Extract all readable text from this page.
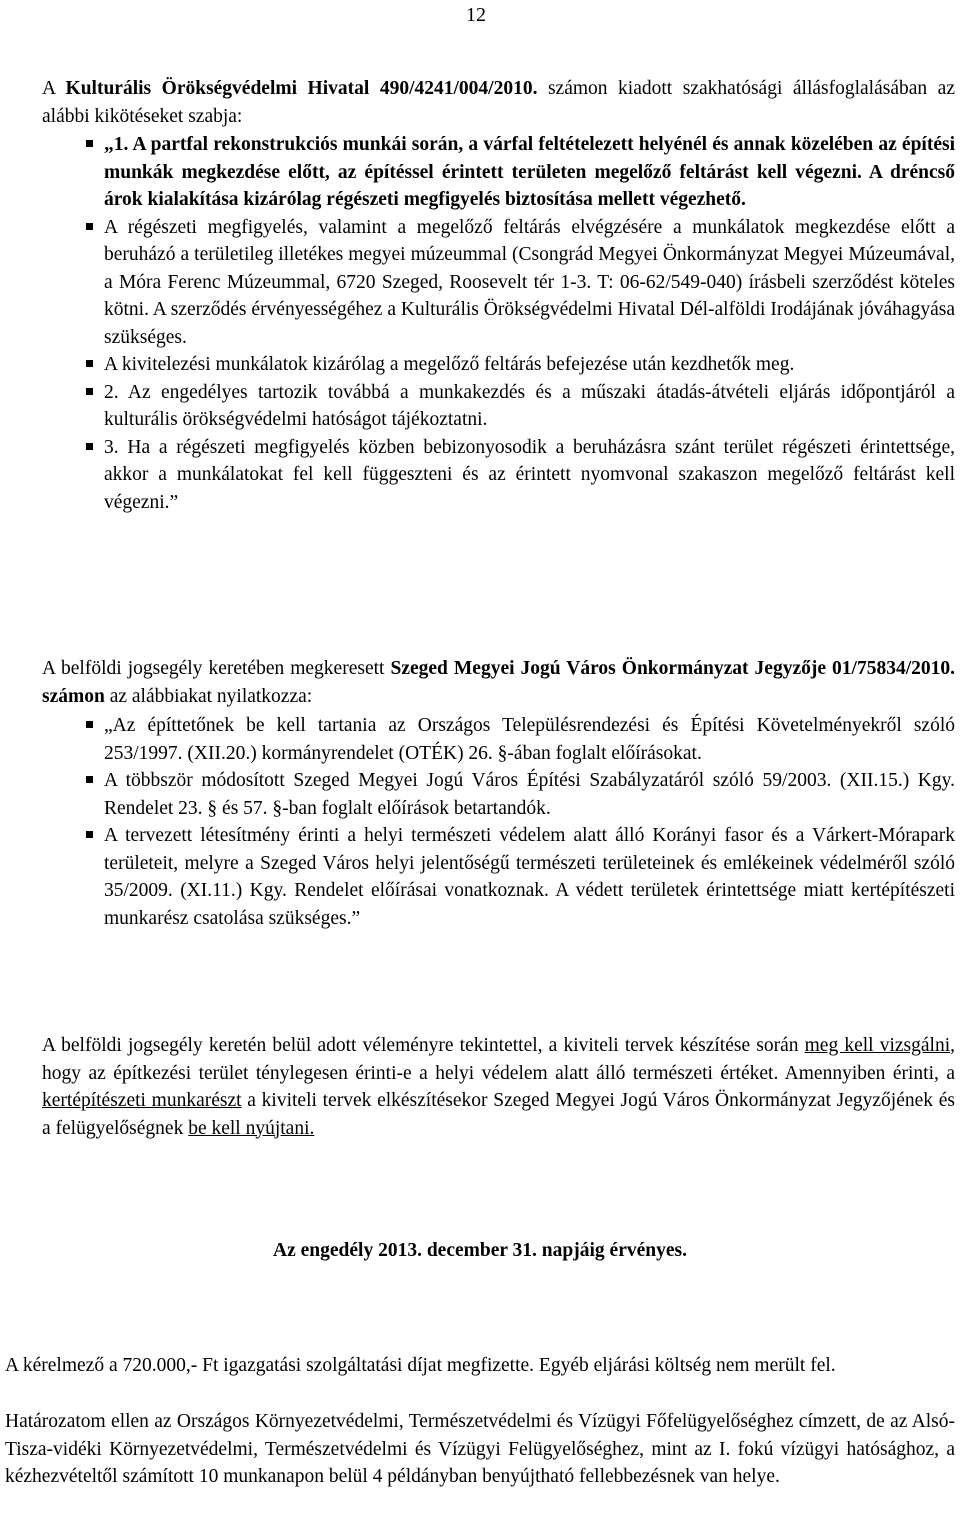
12
A Kulturális Örökségvédelmi Hivatal 490/4241/004/2010. számon kiadott szakhatósági állásfoglalásában az alábbi kikötéseket szabja:
„1. A partfal rekonstrukciós munkái során, a várfal feltételezett helyénél és annak közelében az építési munkák megkezdése előtt, az építéssel érintett területen megelőző feltárást kell végezni. A dréncső árok kialakítása kizárólag régészeti megfigyelés biztosítása mellett végezhető.
A régészeti megfigyelés, valamint a megelőző feltárás elvégzésére a munkálatok megkezdése előtt a beruházó a területileg illetékes megyei múzeummal (Csongrád Megyei Önkormányzat Megyei Múzeumával, a Móra Ferenc Múzeummal, 6720 Szeged, Roosevelt tér 1-3. T: 06-62/549-040) írásbeli szerződést köteles kötni. A szerződés érvényességéhez a Kulturális Örökségvédelmi Hivatal Dél-alföldi Irodájának jóváhagyása szükséges.
A kivitelezési munkálatok kizárólag a megelőző feltárás befejezése után kezdhetők meg.
2. Az engedélyes tartozik továbbá a munkakezdés és a műszaki átadás-átvételi eljárás időpontjáról a kulturális örökségvédelmi hatóságot tájékoztatni.
3. Ha a régészeti megfigyelés közben bebizonyosodik a beruházásra szánt terület régészeti érintettsége, akkor a munkálatokat fel kell függeszteni és az érintett nyomvonal szakaszon megelőző feltárást kell végezni.”
A belföldi jogsegély keretében megkeresett Szeged Megyei Jogú Város Önkormányzat Jegyzője 01/75834/2010. számon az alábbiakat nyilatkozza:
„Az építtetőnek be kell tartania az Országos Településrendezési és Építési Követelményekről szóló 253/1997. (XII.20.) kormányrendelet (OTÉK) 26. §-ában foglalt előírásokat.
A többször módosított Szeged Megyei Jogú Város Építési Szabályzatáról szóló 59/2003. (XII.15.) Kgy. Rendelet 23. § és 57. §-ban foglalt előírások betartandók.
A tervezett létesítmény érinti a helyi természeti védelem alatt álló Korányi fasor és a Várkert-Mórapark területeit, melyre a Szeged Város helyi jelentőségű természeti területeinek és emlékeinek védelméről szóló 35/2009. (XI.11.) Kgy. Rendelet előírásai vonatkoznak. A védett területek érintettsége miatt kertépítészeti munkarész csatolása szükséges.”
A belföldi jogsegély keretén belül adott véleményre tekintettel, a kiviteli tervek készítése során meg kell vizsgálni, hogy az építkezési terület ténylegesen érinti-e a helyi védelem alatt álló természeti értéket. Amennyiben érinti, a kertépítészeti munkarészt a kiviteli tervek elkészítésekor Szeged Megyei Jogú Város Önkormányzat Jegyzőjének és a felügyelőségnek be kell nyújtani.
Az engedély 2013. december 31. napjáig érvényes.
A kérelmező a 720.000,- Ft igazgatási szolgáltatási díjat megfizette. Egyéb eljárási költség nem merült fel.
Határozatom ellen az Országos Környezetvédelmi, Természetvédelmi és Vízügyi Főfelügyelőséghez címzett, de az Alsó-Tisza-vidéki Környezetvédelmi, Természetvédelmi és Vízügyi Felügyelőséghez, mint az I. fokú vízügyi hatósághoz, a kézhezvételtől számított 10 munkanapon belül 4 példányban benyújtható fellebbezésnek van helye.
